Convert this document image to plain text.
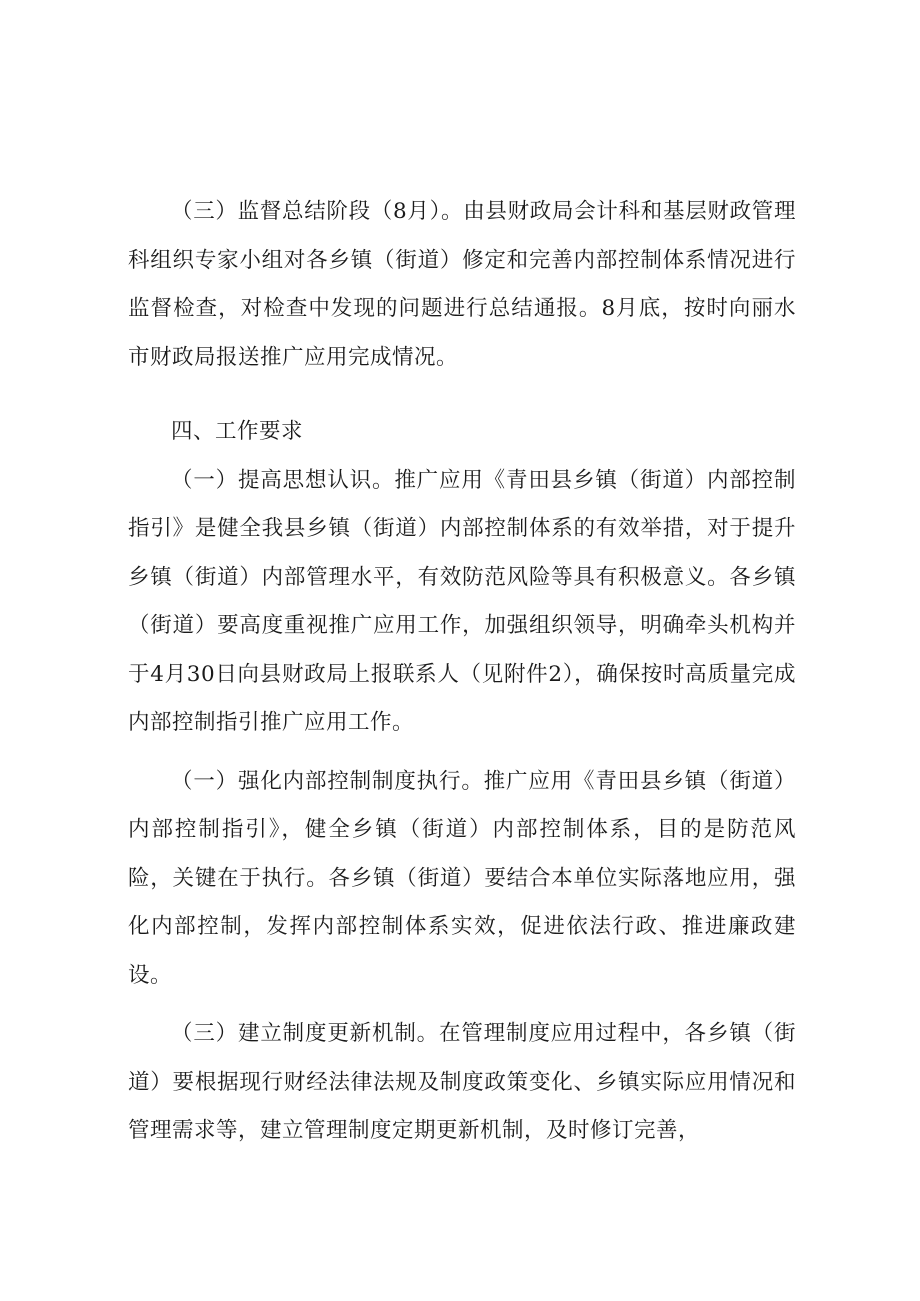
（三）监督总结阶段（8月）。由县财政局会计科和基层财政管理科组织专家小组对各乡镇（街道）修定和完善内部控制体系情况进行监督检查，对检查中发现的问题进行总结通报。8月底，按时向丽水市财政局报送推广应用完成情况。

四、工作要求

（一）提高思想认识。推广应用《青田县乡镇（街道）内部控制指引》是健全我县乡镇（街道）内部控制体系的有效举措，对于提升乡镇（街道）内部管理水平，有效防范风险等具有积极意义。各乡镇（街道）要高度重视推广应用工作，加强组织领导，明确牵头机构并于4月30日向县财政局上报联系人（见附件2），确保按时高质量完成内部控制指引推广应用工作。

（一）强化内部控制制度执行。推广应用《青田县乡镇（街道）内部控制指引》，健全乡镇（街道）内部控制体系，目的是防范风险，关键在于执行。各乡镇（街道）要结合本单位实际落地应用，强化内部控制，发挥内部控制体系实效，促进依法行政、推进廉政建设。

（三）建立制度更新机制。在管理制度应用过程中，各乡镇（街道）要根据现行财经法律法规及制度政策变化、乡镇实际应用情况和管理需求等，建立管理制度定期更新机制，及时修订完善，
